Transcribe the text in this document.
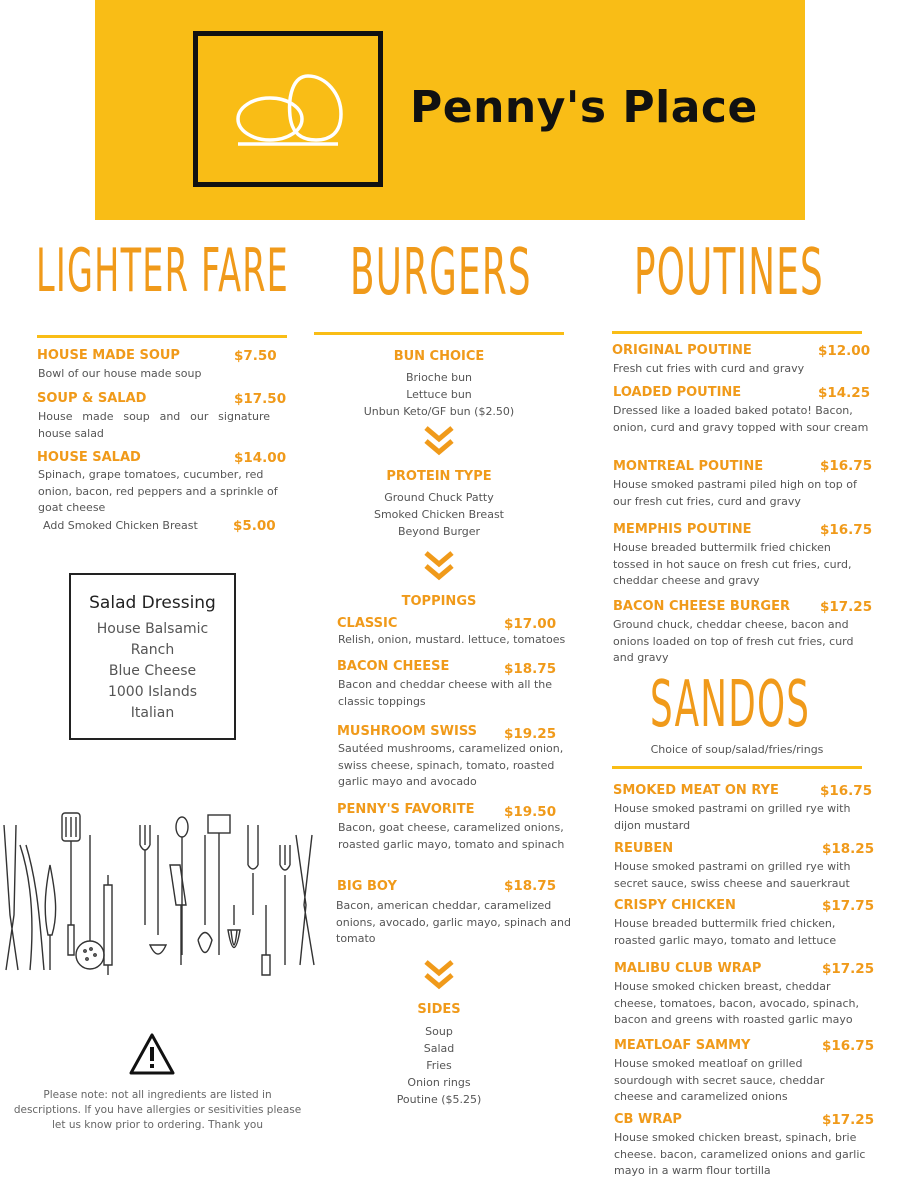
Penny's Place
LIGHTER FARE
HOUSE MADE SOUP	$7.50
Bowl of our house made soup
SOUP & SALAD	$17.50
House made soup and our signature house salad
HOUSE SALAD	$14.00
Spinach, grape tomatoes, cucumber, red onion, bacon, red peppers and a sprinkle of goat cheese
Add Smoked Chicken Breast	$5.00
Salad Dressing
House Balsamic
Ranch
Blue Cheese
1000 Islands
Italian
Please note: not all ingredients are listed in descriptions. If you have allergies or sesitivities please let us know prior to ordering. Thank you
BURGERS
BUN CHOICE
Brioche bun
Lettuce bun
Unbun Keto/GF bun ($2.50)
PROTEIN TYPE
Ground Chuck Patty
Smoked Chicken Breast
Beyond Burger
TOPPINGS
CLASSIC	$17.00
Relish, onion, mustard. lettuce, tomatoes
BACON CHEESE	$18.75
Bacon and cheddar cheese with all the classic toppings
MUSHROOM SWISS $19.25
Sautéed mushrooms, caramelized onion, swiss cheese, spinach, tomato, roasted garlic mayo and avocado
PENNY'S FAVORITE $19.50
Bacon, goat cheese, caramelized onions, roasted garlic mayo, tomato and spinach
BIG BOY	$18.75
Bacon, american cheddar, caramelized onions, avocado, garlic mayo, spinach and tomato
SIDES
Soup
Salad
Fries
Onion rings
Poutine ($5.25)
POUTINES
ORIGINAL POUTINE	$12.00
Fresh cut fries with curd and gravy
LOADED POUTINE	$14.25
Dressed like a loaded baked potato! Bacon, onion, curd and gravy topped with sour cream
MONTREAL POUTINE	$16.75
House smoked pastrami piled high on top of our fresh cut fries, curd and gravy
MEMPHIS POUTINE	$16.75
House breaded buttermilk fried chicken tossed in hot sauce on fresh cut fries, curd, cheddar cheese and gravy
BACON CHEESE BURGER $17.25
Ground chuck, cheddar cheese, bacon and onions loaded on top of fresh cut fries, curd and gravy
SANDOS
Choice of soup/salad/fries/rings
SMOKED MEAT ON RYE	$16.75
House smoked pastrami on grilled rye with dijon mustard
REUBEN	$18.25
House smoked pastrami on grilled rye with secret sauce, swiss cheese and sauerkraut
CRISPY CHICKEN	$17.75
House breaded buttermilk fried chicken, roasted garlic mayo, tomato and lettuce
MALIBU CLUB WRAP	$17.25
House smoked chicken breast, cheddar cheese, tomatoes, bacon, avocado, spinach, bacon and greens with roasted garlic mayo
MEATLOAF SAMMY	$16.75
House smoked meatloaf on grilled sourdough with secret sauce, cheddar cheese and caramelized onions
CB WRAP	$17.25
House smoked chicken breast, spinach, brie cheese. bacon, caramelized onions and garlic mayo in a warm flour tortilla
